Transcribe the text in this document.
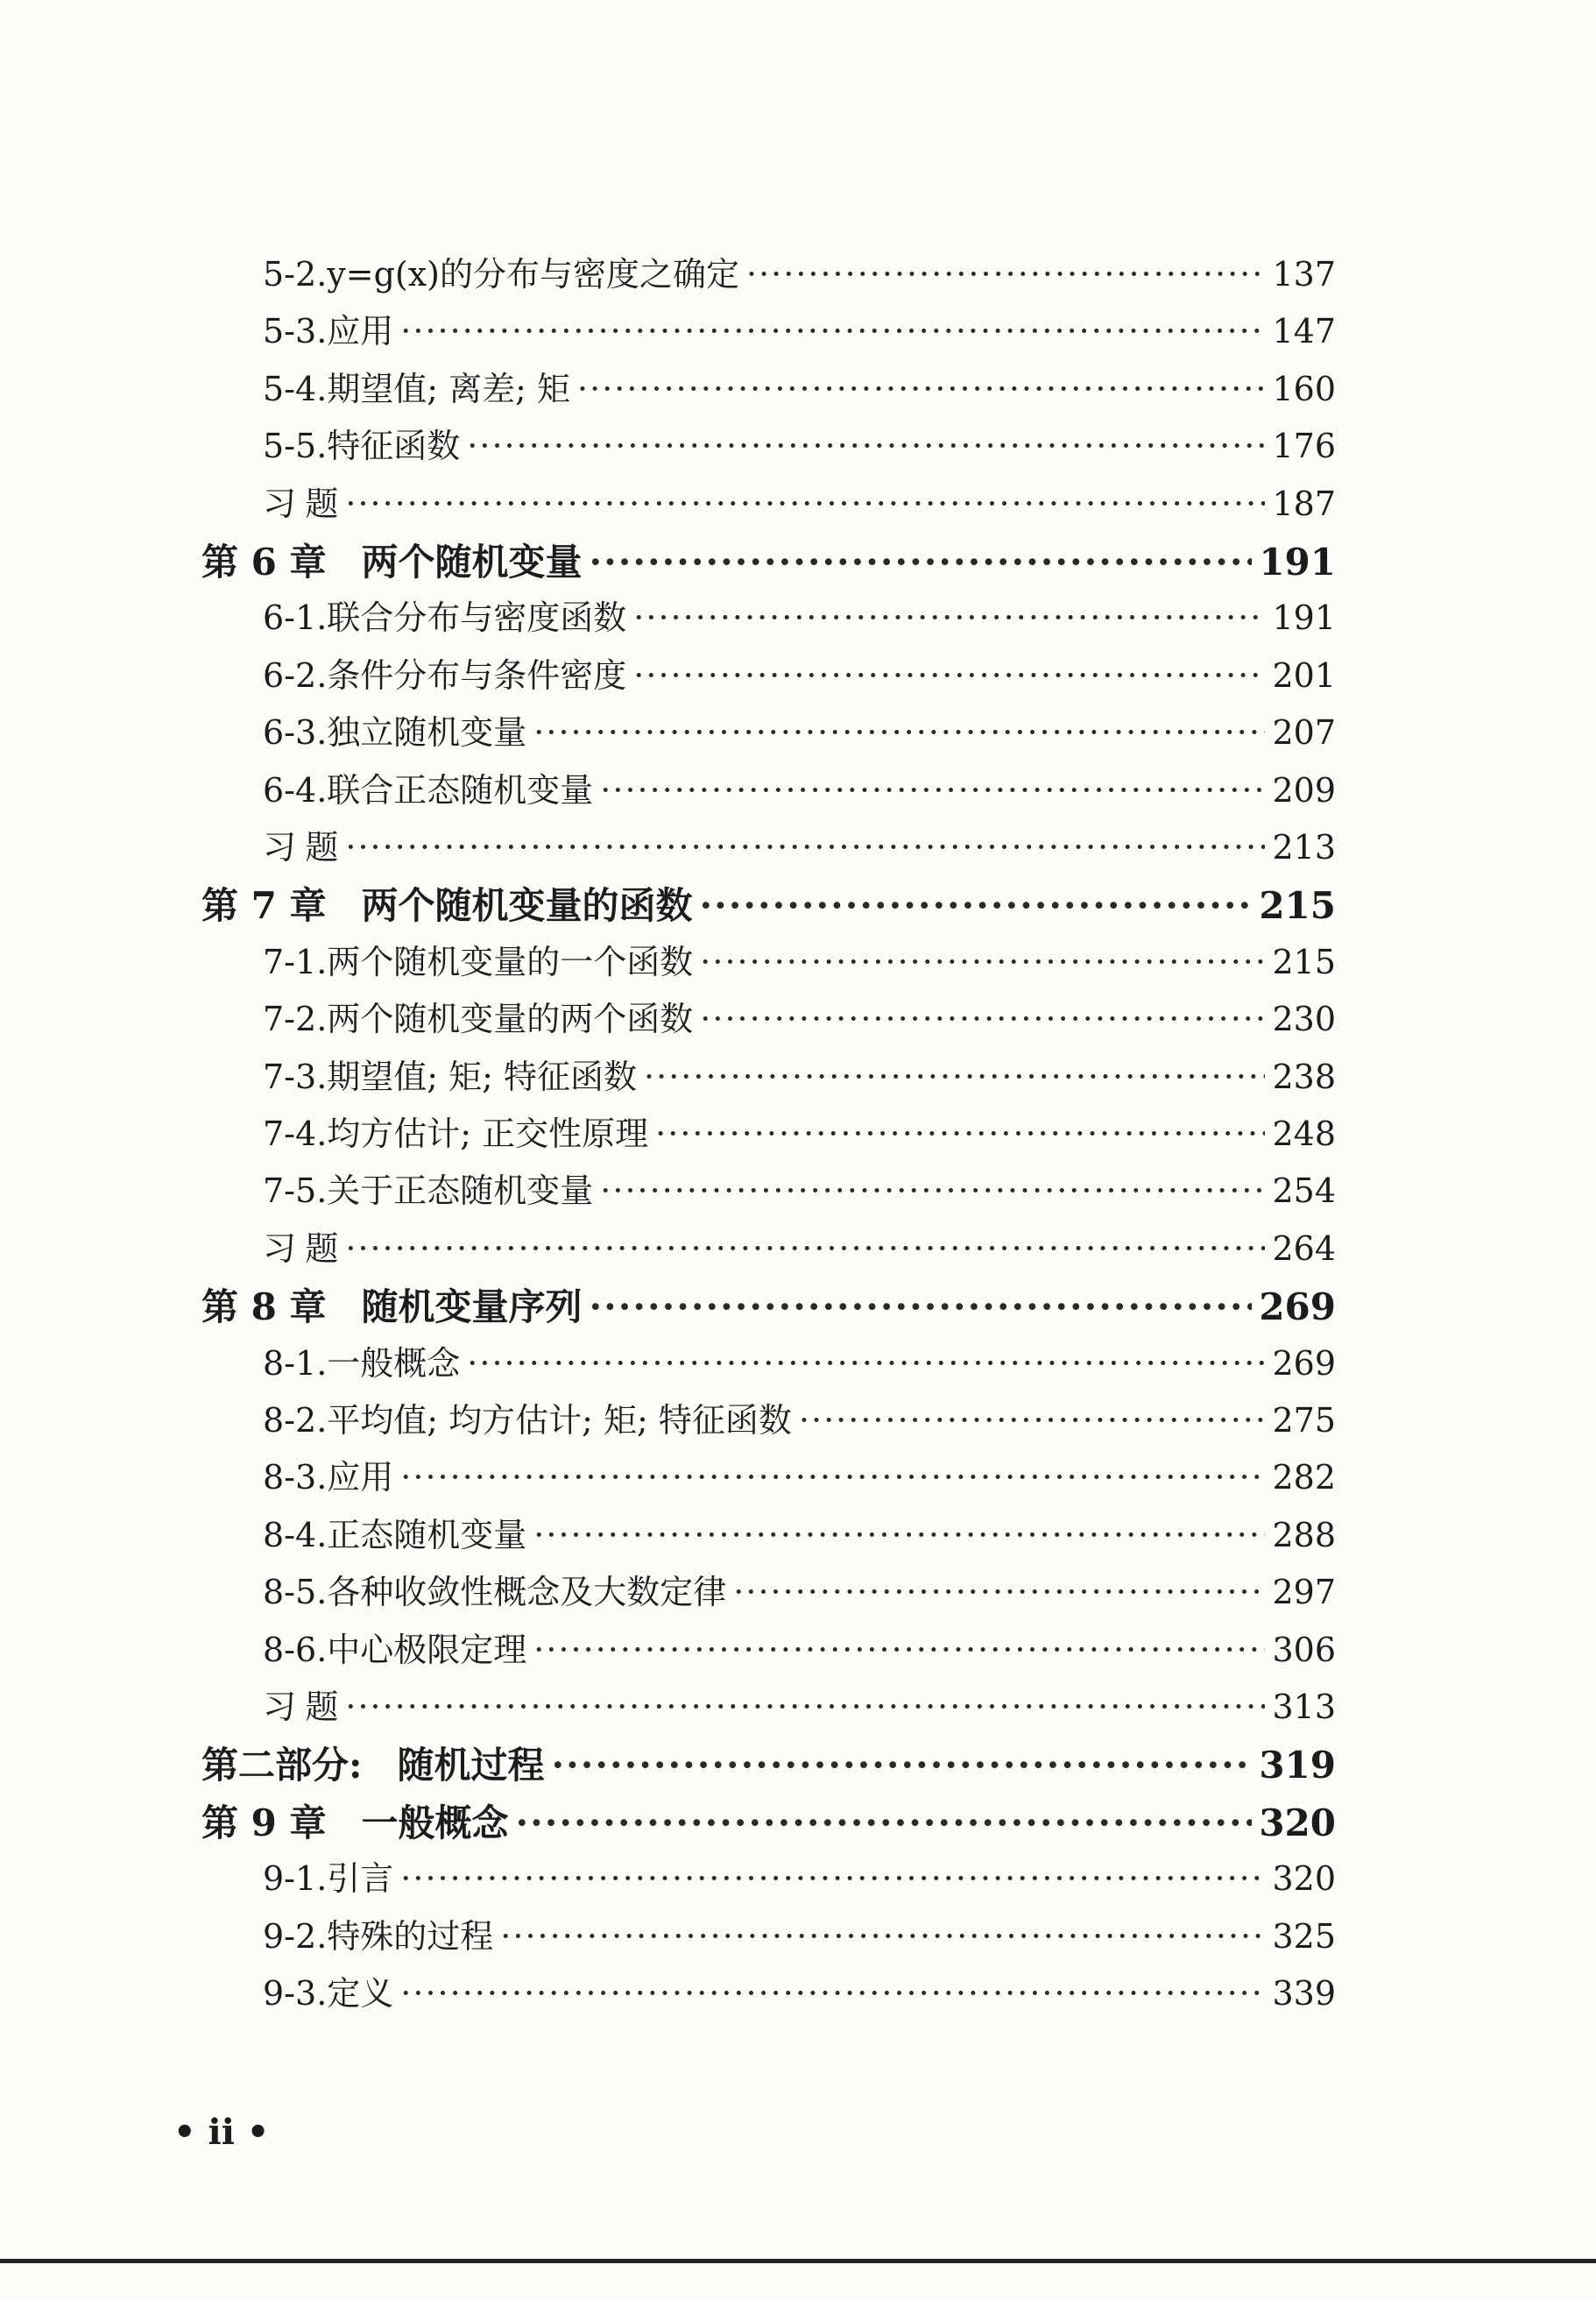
5-2. y=g(x)的分布与密度之确定 ·····	137
5-3. 应用 ·····	147
5-4. 期望值; 离差; 矩 ·····	160
5-5. 特征函数 ·····	176
习 题 ·····	187
第 6 章 两个随机变量 ·····	191
6-1. 联合分布与密度函数 ·····	191
6-2. 条件分布与条件密度 ·····	201
6-3. 独立随机变量 ·····	207
6-4. 联合正态随机变量 ·····	209
习 题 ·····	213
第 7 章 两个随机变量的函数 ·····	215
7-1. 两个随机变量的一个函数 ·····	215
7-2. 两个随机变量的两个函数 ·····	230
7-3. 期望值; 矩; 特征函数 ·····	238
7-4. 均方估计; 正交性原理 ·····	248
7-5. 关于正态随机变量 ·····	254
习 题 ·····	264
第 8 章 随机变量序列 ·····	269
8-1. 一般概念 ·····	269
8-2. 平均值; 均方估计; 矩; 特征函数 ·····	275
8-3. 应用 ·····	282
8-4. 正态随机变量 ·····	288
8-5. 各种收敛性概念及大数定律 ·····	297
8-6. 中心极限定理 ·····	306
习 题 ·····	313
第二部分: 随机过程 ·····	319
第 9 章 一般概念 ·····	320
9-1. 引言 ·····	320
9-2. 特殊的过程 ·····	325
9-3. 定义 ·····	339
• ii •
